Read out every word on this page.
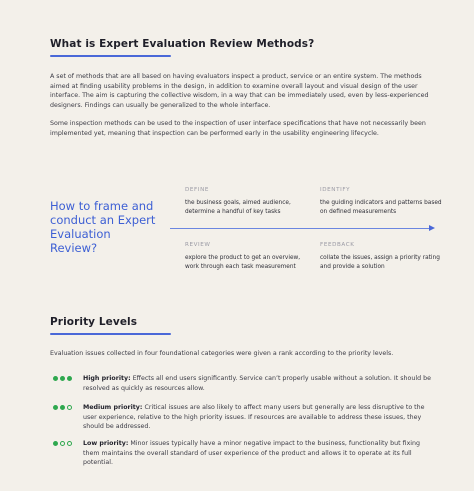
What is Expert Evaluation Review Methods?
A set of methods that are all based on having evaluators inspect a product, service or an entire system. The methods aimed at finding usability problems in the design, in addition to examine overall layout and visual design of the user interface. The aim is capturing the collective wisdom, in a way that can be immediately used, even by less-experienced designers. Findings can usually be generalized to the whole interface.
Some inspection methods can be used to the inspection of user interface specifications that have not necessarily been implemented yet, meaning that inspection can be performed early in the usability engineering lifecycle.
How to frame and conduct an Expert Evaluation Review?
DEFINE
the business goals, aimed audience, determine a handful of key tasks
IDENTIFY
the guiding indicators and patterns based on defined measurements
REVIEW
explore the product to get an overview, work through each task measurement
FEEDBACK
collate the issues, assign a priority rating and provide a solution
Priority Levels
Evaluation issues collected in four foundational categories were given a rank according to the priority levels.
High priority: Effects all end users significantly. Service can’t properly usable without a solution. It should be resolved as quickly as resources allow.
Medium priority: Critical issues are also likely to affect many users but generally are less disruptive to the user experience, relative to the high priority issues. If resources are available to address these issues, they should be addressed.
Low priority: Minor issues typically have a minor negative impact to the business, functionality but fixing them maintains the overall standard of user experience of the product and allows it to operate at its full potential.
